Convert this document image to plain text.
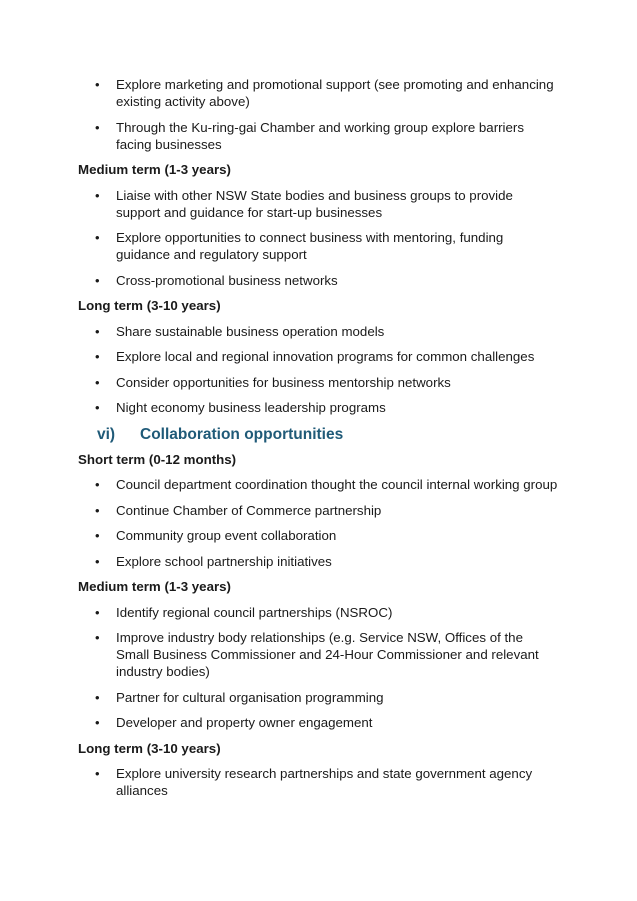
• Explore marketing and promotional support (see promoting and enhancing existing activity above)
• Through the Ku-ring-gai Chamber and working group explore barriers facing businesses
Medium term (1-3 years)
• Liaise with other NSW State bodies and business groups to provide support and guidance for start-up businesses
• Explore opportunities to connect business with mentoring, funding guidance and regulatory support
• Cross-promotional business networks
Long term (3-10 years)
• Share sustainable business operation models
• Explore local and regional innovation programs for common challenges
• Consider opportunities for business mentorship networks
• Night economy business leadership programs
vi)	Collaboration opportunities
Short term (0-12 months)
• Council department coordination thought the council internal working group
• Continue Chamber of Commerce partnership
• Community group event collaboration
• Explore school partnership initiatives
Medium term (1-3 years)
• Identify regional council partnerships (NSROC)
• Improve industry body relationships (e.g. Service NSW, Offices of the Small Business Commissioner and 24-Hour Commissioner and relevant industry bodies)
• Partner for cultural organisation programming
• Developer and property owner engagement
Long term (3-10 years)
• Explore university research partnerships and state government agency alliances
